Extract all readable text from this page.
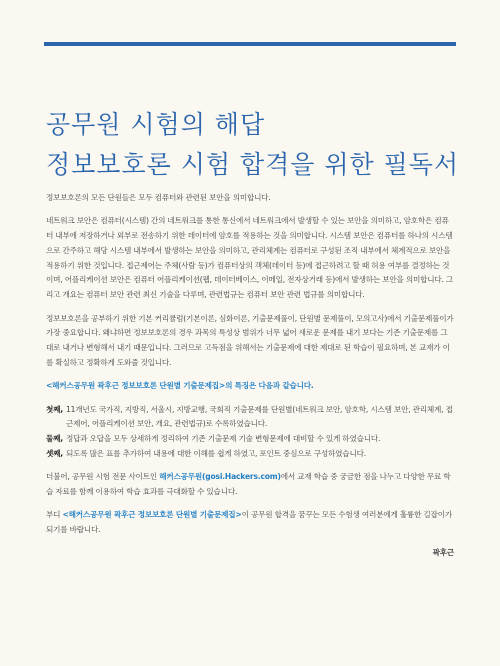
공무원 시험의 해답
정보보호론 시험 합격을 위한 필독서

정보보호론의 모든 단원들은 모두 컴퓨터와 관련된 보안을 의미합니다.

네트워크 보안은 컴퓨터(시스템) 간의 네트워크를 통한 통신에서 네트워크에서 발생할 수 있는 보안을 의미하고, 암호학은 컴퓨터 내부에 저장하거나 외부로 전송하기 위한 데이터에 암호를 적용하는 것을 의미합니다. 시스템 보안은 컴퓨터를 하나의 시스템으로 간주하고 해당 시스템 내부에서 발생하는 보안을 의미하고, 관리체계는 컴퓨터로 구성된 조직 내부에서 체계적으로 보안을 적용하기 위한 것입니다. 접근제어는 주체(사람 등)가 컴퓨터상의 객체(데이터 등)에 접근하려고 할 때 허용 여부를 결정하는 것이며, 어플리케이션 보안은 컴퓨터 어플리케이션(웹, 데이터베이스, 이메일, 전자상거래 등)에서 발생하는 보안을 의미합니다. 그리고 개요는 컴퓨터 보안 관련 최신 기술을 다루며, 관련법규는 컴퓨터 보안 관련 법규를 의미합니다.

정보보호론을 공부하기 위한 기본 커리큘럼(기본이론, 심화이론, 기출문제풀이, 단원별 문제풀이, 모의고사)에서 기출문제풀이가 가장 중요합니다. 왜냐하면 정보보호론의 경우 과목의 특성상 범위가 너무 넓어 새로운 문제를 내기 보다는 기존 기출문제를 그대로 내거나 변형해서 내기 때문입니다. 그러므로 고득점을 위해서는 기출문제에 대한 제대로 된 학습이 필요하며, 본 교재가 이를 확실하고 정확하게 도와줄 것입니다.

<해커스공무원 곽후근 정보보호론 단원별 기출문제집>의 특징은 다음과 같습니다.

첫째, 11개년도 국가직, 지방직, 서울시, 지방교행, 국회직 기출문제를 단원별(네트워크 보안, 암호학, 시스템 보안, 관리체계, 접근제어, 어플리케이션 보안, 개요, 관련법규)로 수록하였습니다.
둘째, 정답과 오답을 모두 상세하게 정리하여 기존 기출문제 기술 변형문제에 대비할 수 있게 하였습니다.
셋째, 되도록 많은 표를 추가하여 내용에 대한 이해를 쉽게 하였고, 포인트 중심으로 구성하였습니다.

더불어, 공무원 시험 전문 사이트인 해커스공무원(gosi.Hackers.com)에서 교재 학습 중 궁금한 점을 나누고 다양한 무료 학습 자료를 함께 이용하여 학습 효과를 극대화할 수 있습니다.

부디 <해커스공무원 곽후근 정보보호론 단원별 기출문제집>이 공무원 합격을 꿈꾸는 모든 수험생 여러분에게 훌륭한 길잡이가 되기를 바랍니다.

곽후근
